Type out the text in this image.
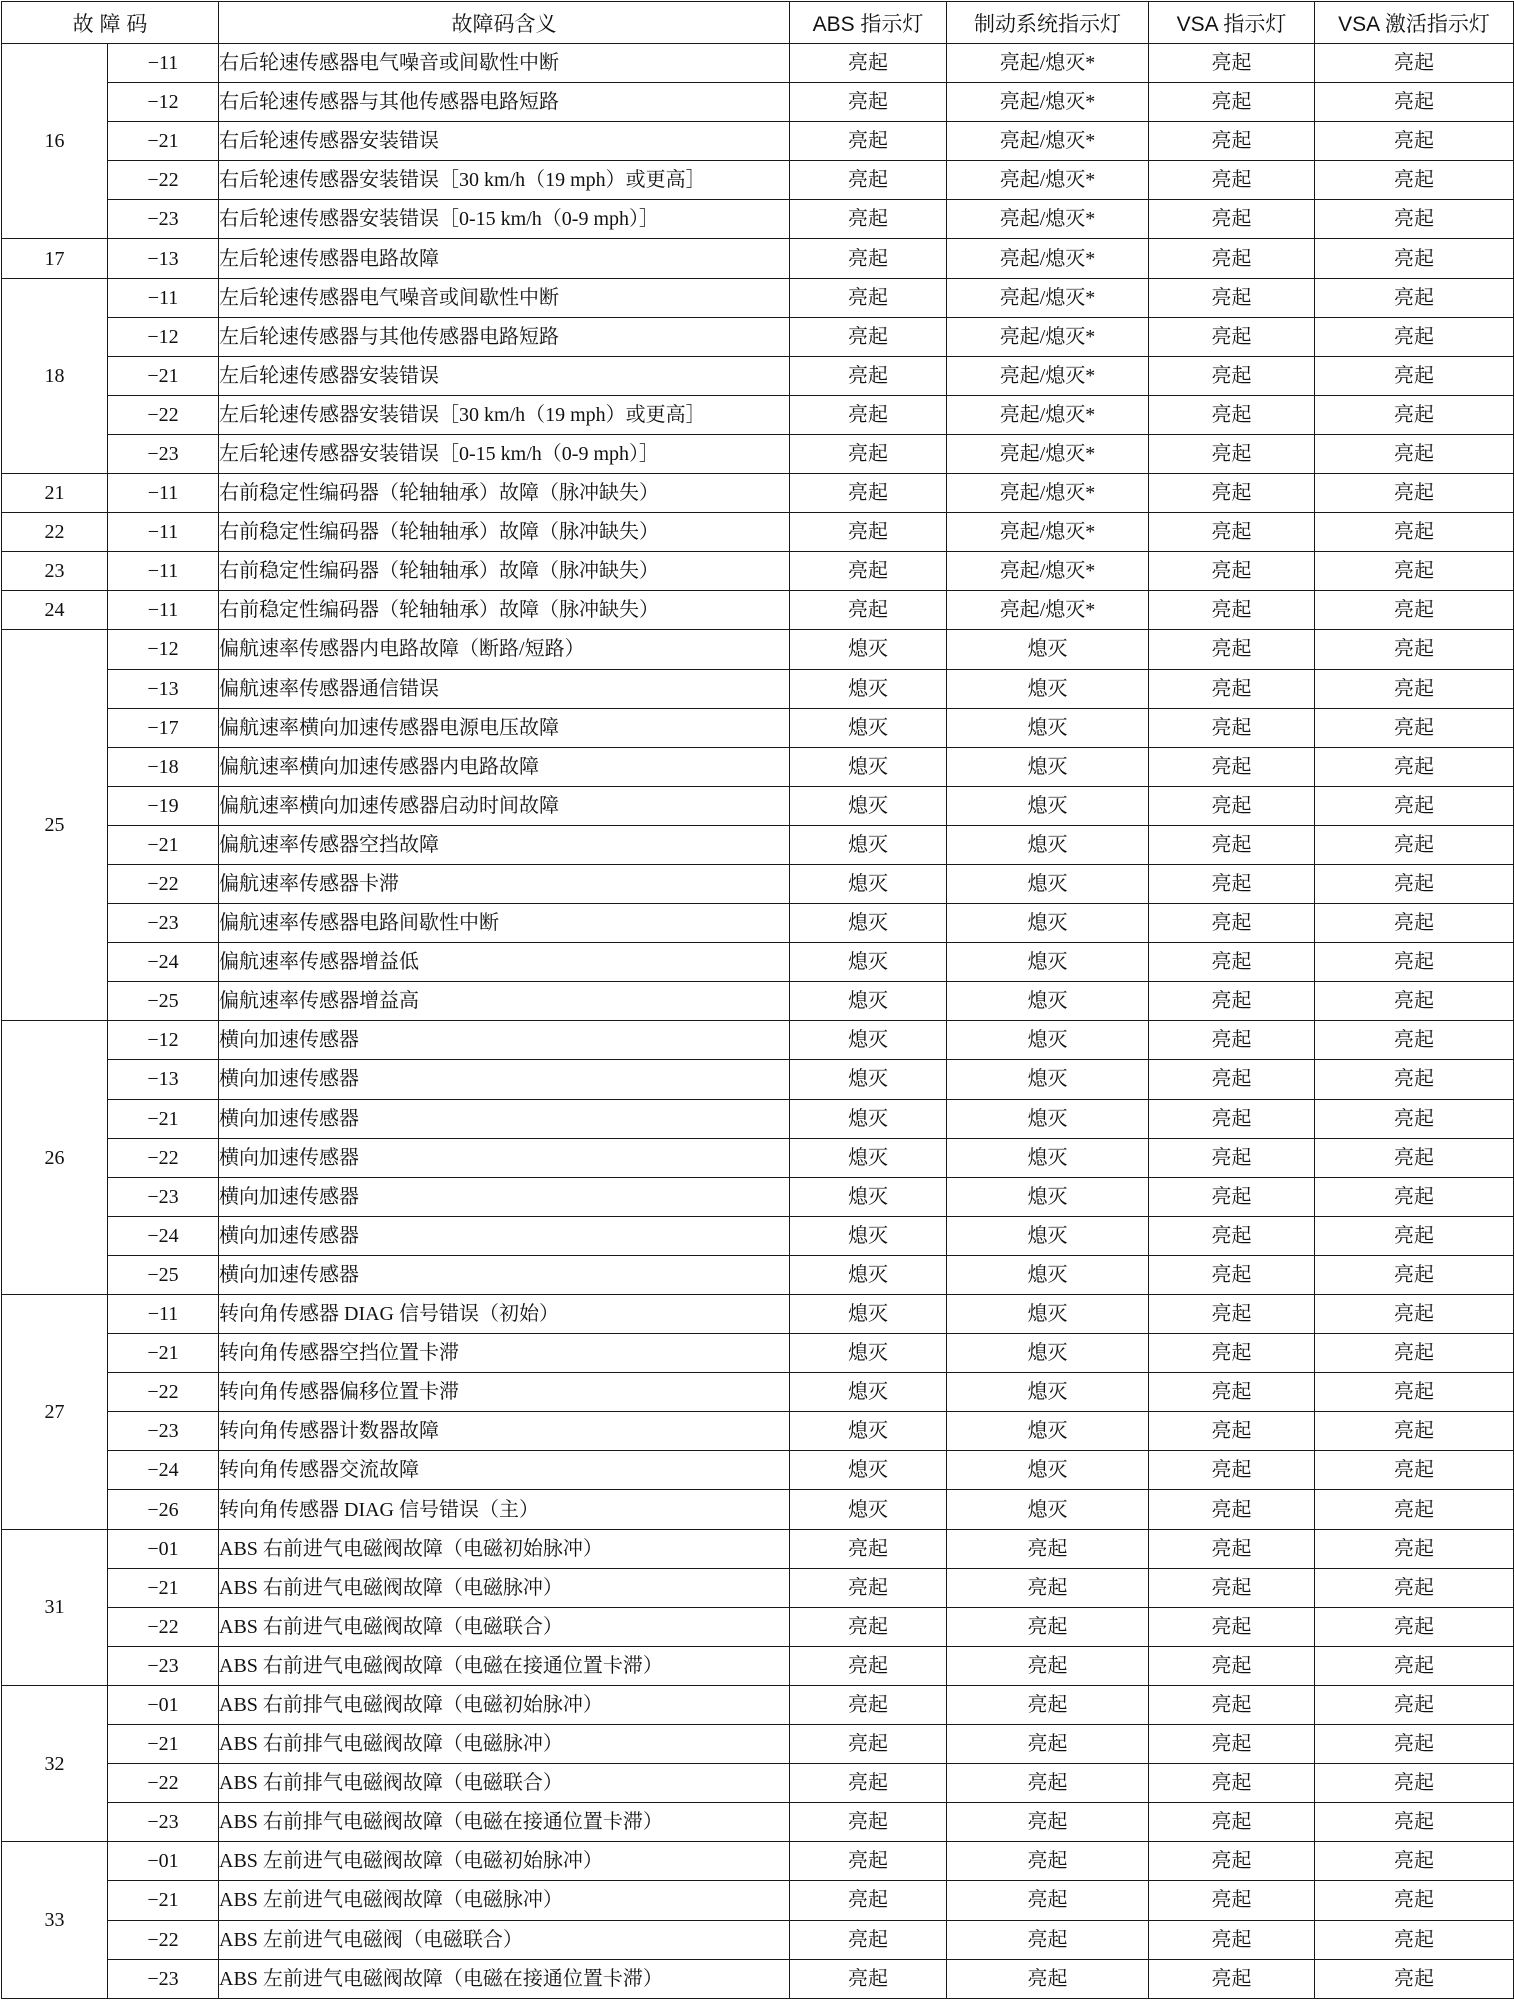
故 障 码		故障码含义	ABS 指示灯	制动系统指示灯	VSA 指示灯	VSA 激活指示灯
16	−11	右后轮速传感器电气噪音或间歇性中断	亮起	亮起/熄灭*	亮起	亮起
	−12	右后轮速传感器与其他传感器电路短路	亮起	亮起/熄灭*	亮起	亮起
	−21	右后轮速传感器安装错误	亮起	亮起/熄灭*	亮起	亮起
	−22	右后轮速传感器安装错误［30 km/h（19 mph）或更高］	亮起	亮起/熄灭*	亮起	亮起
	−23	右后轮速传感器安装错误［0-15 km/h（0-9 mph）］	亮起	亮起/熄灭*	亮起	亮起
17	−13	左后轮速传感器电路故障	亮起	亮起/熄灭*	亮起	亮起
18	−11	左后轮速传感器电气噪音或间歇性中断	亮起	亮起/熄灭*	亮起	亮起
	−12	左后轮速传感器与其他传感器电路短路	亮起	亮起/熄灭*	亮起	亮起
	−21	左后轮速传感器安装错误	亮起	亮起/熄灭*	亮起	亮起
	−22	左后轮速传感器安装错误［30 km/h（19 mph）或更高］	亮起	亮起/熄灭*	亮起	亮起
	−23	左后轮速传感器安装错误［0-15 km/h（0-9 mph）］	亮起	亮起/熄灭*	亮起	亮起
21	−11	右前稳定性编码器（轮轴轴承）故障（脉冲缺失）	亮起	亮起/熄灭*	亮起	亮起
22	−11	右前稳定性编码器（轮轴轴承）故障（脉冲缺失）	亮起	亮起/熄灭*	亮起	亮起
23	−11	右前稳定性编码器（轮轴轴承）故障（脉冲缺失）	亮起	亮起/熄灭*	亮起	亮起
24	−11	右前稳定性编码器（轮轴轴承）故障（脉冲缺失）	亮起	亮起/熄灭*	亮起	亮起
25	−12	偏航速率传感器内电路故障（断路/短路）	熄灭	熄灭	亮起	亮起
	−13	偏航速率传感器通信错误	熄灭	熄灭	亮起	亮起
	−17	偏航速率横向加速传感器电源电压故障	熄灭	熄灭	亮起	亮起
	−18	偏航速率横向加速传感器内电路故障	熄灭	熄灭	亮起	亮起
	−19	偏航速率横向加速传感器启动时间故障	熄灭	熄灭	亮起	亮起
	−21	偏航速率传感器空挡故障	熄灭	熄灭	亮起	亮起
	−22	偏航速率传感器卡滞	熄灭	熄灭	亮起	亮起
	−23	偏航速率传感器电路间歇性中断	熄灭	熄灭	亮起	亮起
	−24	偏航速率传感器增益低	熄灭	熄灭	亮起	亮起
	−25	偏航速率传感器增益高	熄灭	熄灭	亮起	亮起
26	−12	横向加速传感器	熄灭	熄灭	亮起	亮起
	−13	横向加速传感器	熄灭	熄灭	亮起	亮起
	−21	横向加速传感器	熄灭	熄灭	亮起	亮起
	−22	横向加速传感器	熄灭	熄灭	亮起	亮起
	−23	横向加速传感器	熄灭	熄灭	亮起	亮起
	−24	横向加速传感器	熄灭	熄灭	亮起	亮起
	−25	横向加速传感器	熄灭	熄灭	亮起	亮起
27	−11	转向角传感器 DIAG 信号错误（初始）	熄灭	熄灭	亮起	亮起
	−21	转向角传感器空挡位置卡滞	熄灭	熄灭	亮起	亮起
	−22	转向角传感器偏移位置卡滞	熄灭	熄灭	亮起	亮起
	−23	转向角传感器计数器故障	熄灭	熄灭	亮起	亮起
	−24	转向角传感器交流故障	熄灭	熄灭	亮起	亮起
	−26	转向角传感器 DIAG 信号错误（主）	熄灭	熄灭	亮起	亮起
31	−01	ABS 右前进气电磁阀故障（电磁初始脉冲）	亮起	亮起	亮起	亮起
	−21	ABS 右前进气电磁阀故障（电磁脉冲）	亮起	亮起	亮起	亮起
	−22	ABS 右前进气电磁阀故障（电磁联合）	亮起	亮起	亮起	亮起
	−23	ABS 右前进气电磁阀故障（电磁在接通位置卡滞）	亮起	亮起	亮起	亮起
32	−01	ABS 右前排气电磁阀故障（电磁初始脉冲）	亮起	亮起	亮起	亮起
	−21	ABS 右前排气电磁阀故障（电磁脉冲）	亮起	亮起	亮起	亮起
	−22	ABS 右前排气电磁阀故障（电磁联合）	亮起	亮起	亮起	亮起
	−23	ABS 右前排气电磁阀故障（电磁在接通位置卡滞）	亮起	亮起	亮起	亮起
33	−01	ABS 左前进气电磁阀故障（电磁初始脉冲）	亮起	亮起	亮起	亮起
	−21	ABS 左前进气电磁阀故障（电磁脉冲）	亮起	亮起	亮起	亮起
	−22	ABS 左前进气电磁阀（电磁联合）	亮起	亮起	亮起	亮起
	−23	ABS 左前进气电磁阀故障（电磁在接通位置卡滞）	亮起	亮起	亮起	亮起
